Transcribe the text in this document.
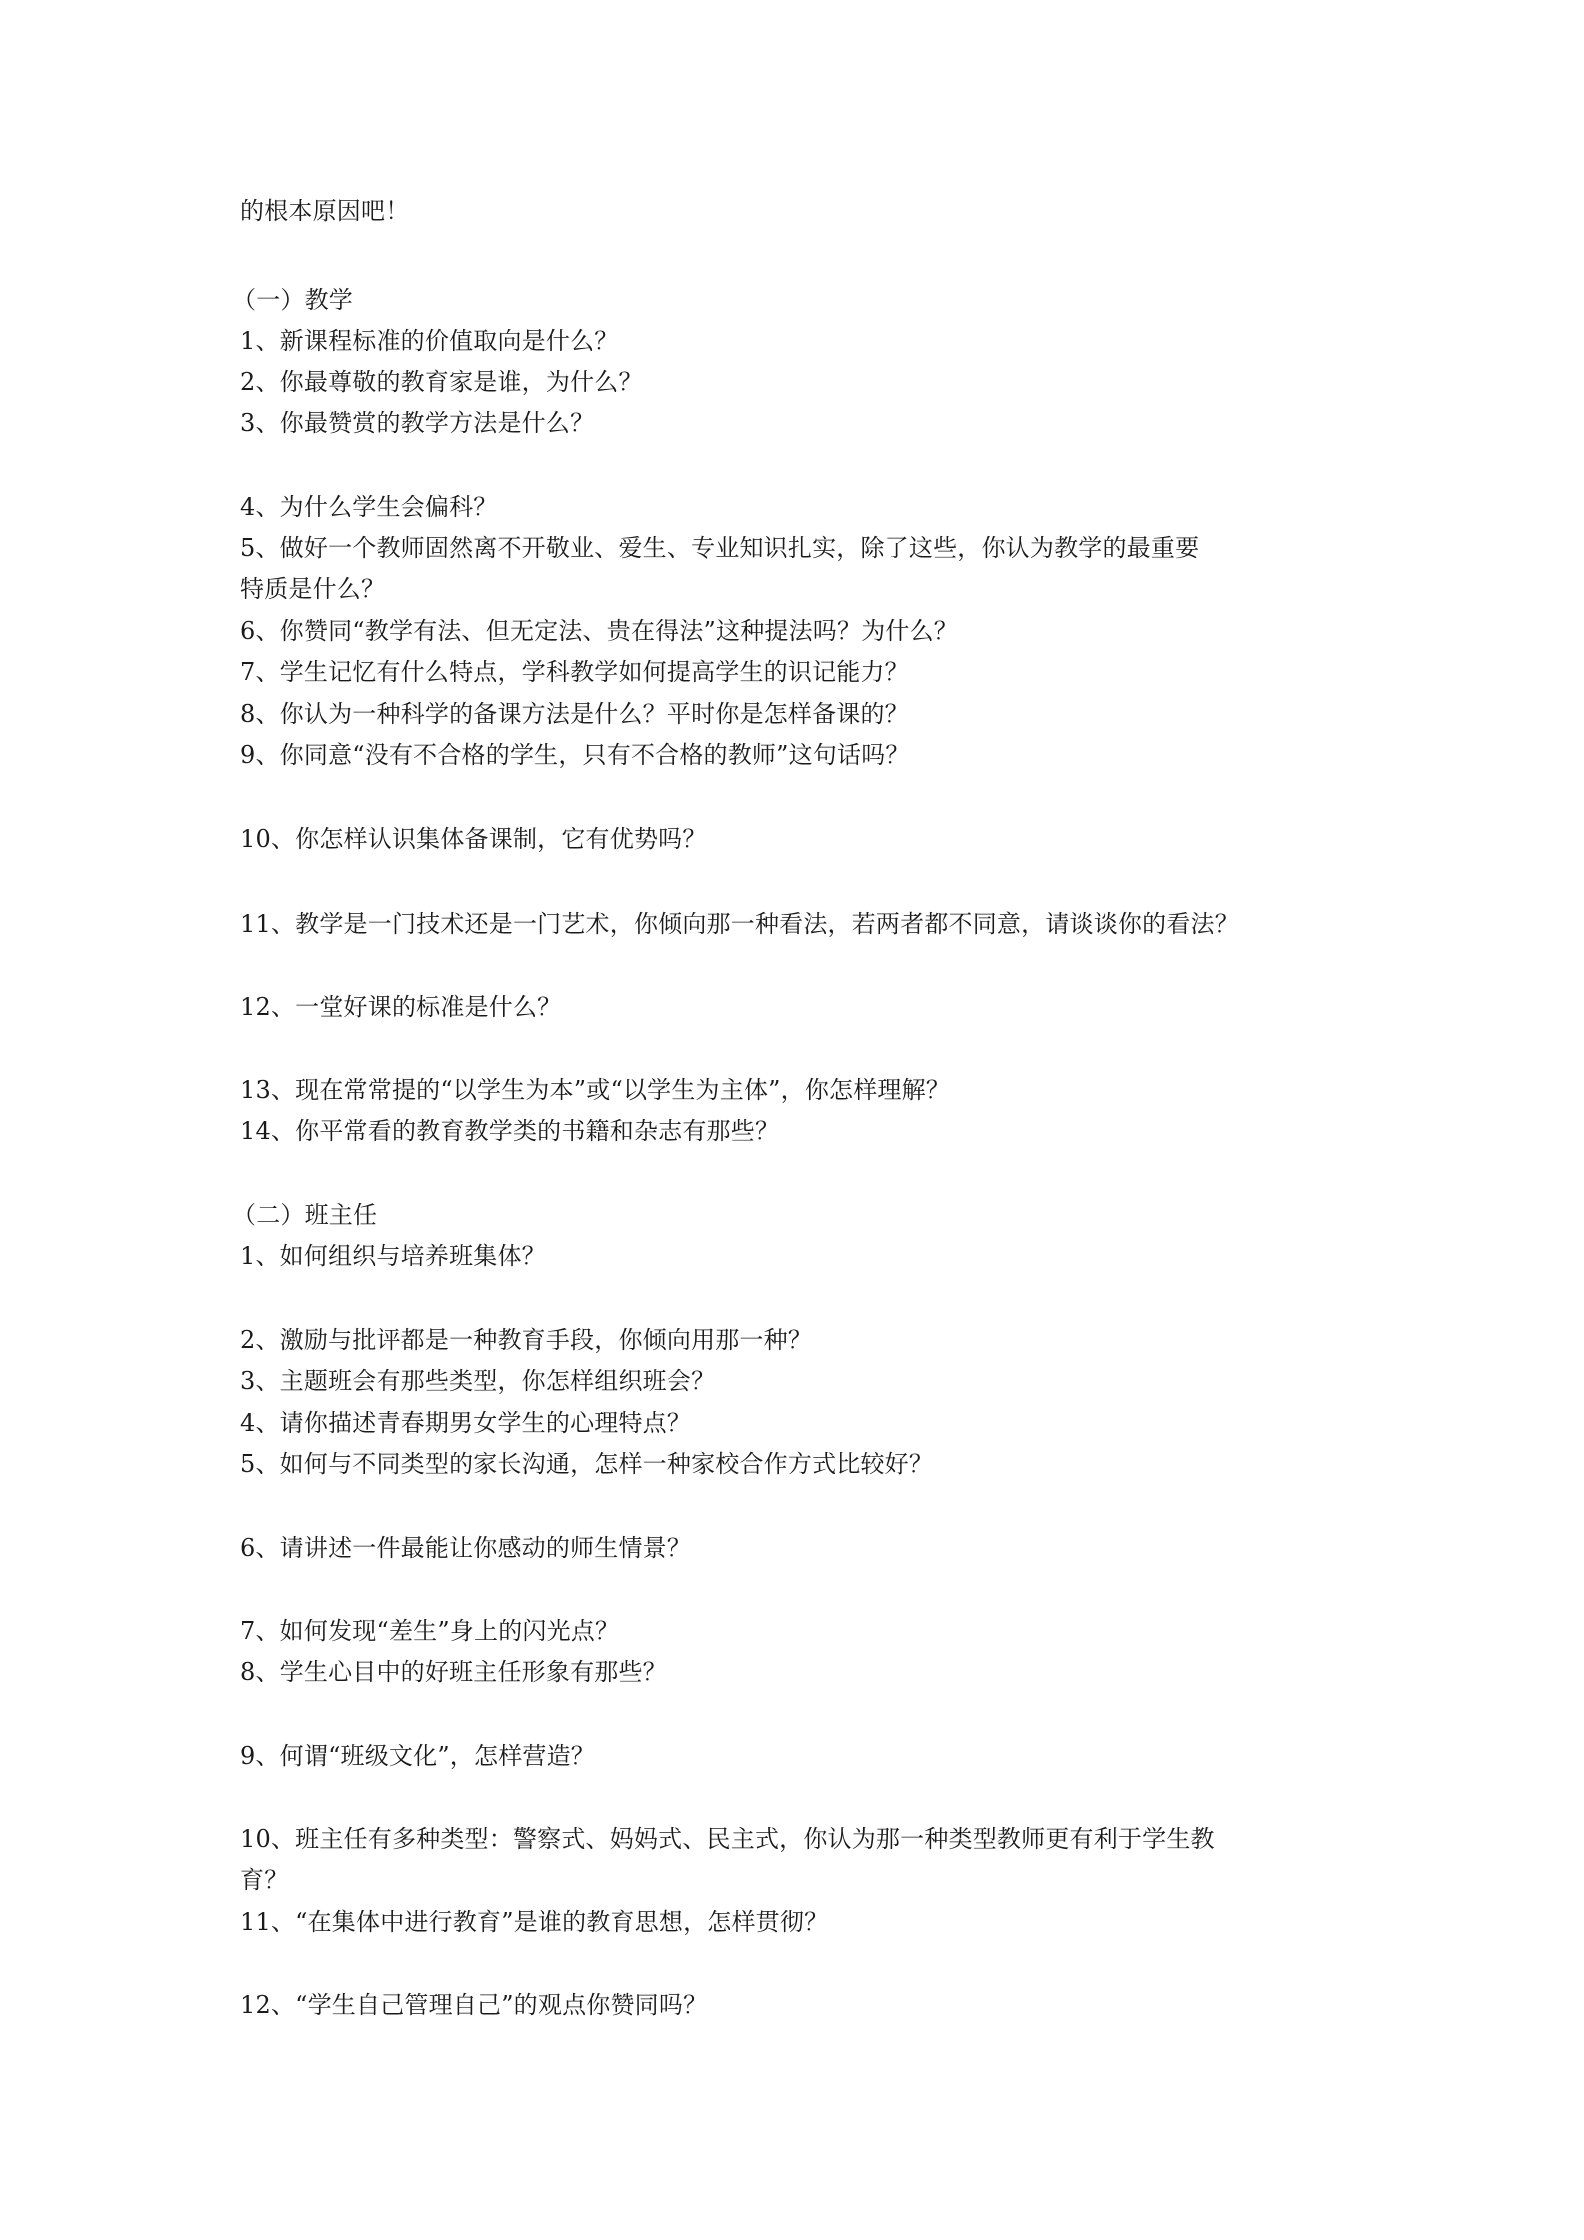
的根本原因吧！
（一）教学
1、新课程标准的价值取向是什么？
2、你最尊敬的教育家是谁，为什么？
3、你最赞赏的教学方法是什么？
4、为什么学生会偏科？
5、做好一个教师固然离不开敬业、爱生、专业知识扎实，除了这些，你认为教学的最重要
特质是什么？
6、你赞同“教学有法、但无定法、贵在得法”这种提法吗？为什么？
7、学生记忆有什么特点，学科教学如何提高学生的识记能力？
8、你认为一种科学的备课方法是什么？平时你是怎样备课的？
9、你同意“没有不合格的学生，只有不合格的教师”这句话吗？
10、你怎样认识集体备课制，它有优势吗？
11、教学是一门技术还是一门艺术，你倾向那一种看法，若两者都不同意，请谈谈你的看法？
12、一堂好课的标准是什么？
13、现在常常提的“以学生为本”或“以学生为主体”，你怎样理解？
14、你平常看的教育教学类的书籍和杂志有那些？
（二）班主任
1、如何组织与培养班集体？
2、激励与批评都是一种教育手段，你倾向用那一种？
3、主题班会有那些类型，你怎样组织班会？
4、请你描述青春期男女学生的心理特点？
5、如何与不同类型的家长沟通，怎样一种家校合作方式比较好？
6、请讲述一件最能让你感动的师生情景？
7、如何发现“差生”身上的闪光点？
8、学生心目中的好班主任形象有那些？
9、何谓“班级文化”，怎样营造？
10、班主任有多种类型：警察式、妈妈式、民主式，你认为那一种类型教师更有利于学生教
育？
11、“在集体中进行教育”是谁的教育思想，怎样贯彻？
12、“学生自己管理自己”的观点你赞同吗？
